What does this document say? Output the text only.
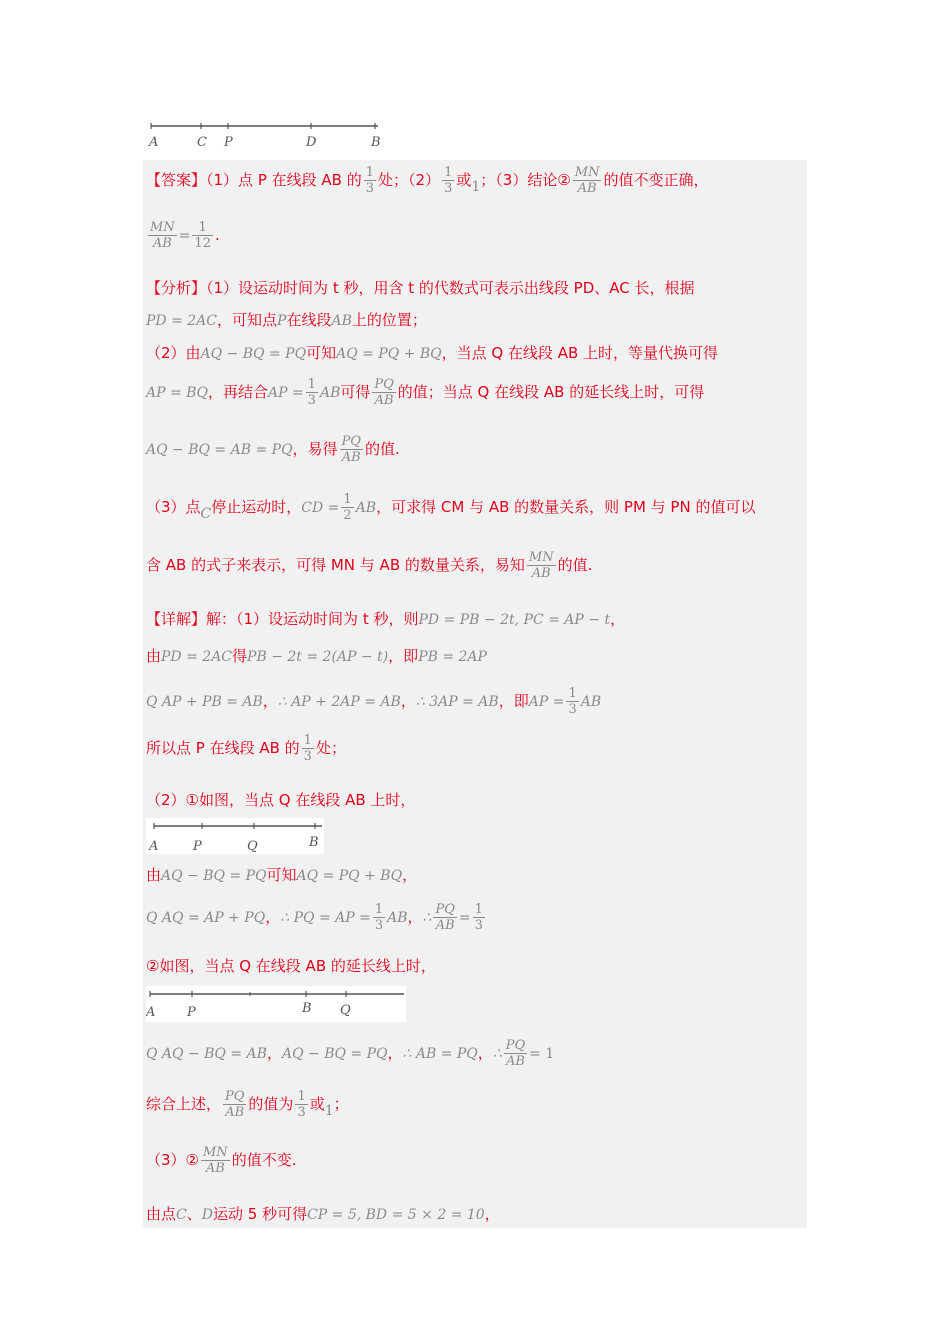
A	C P	D	B
【答案】（1）点 P 在线段 AB 的 $\frac{1}{3}$ 处；$(2) \frac{1}{3}$ 或1；（3）结论② $\frac{MN}{AB}$ 的值不变正确，
$\frac{MN}{AB} = \frac{1}{12}$ .
【分析】（1）设运动时间为 t 秒，用含 t 的代数式可表示出线段 PD、AC 长，根据
PD = 2AC，可知点P在线段AB上的位置；
（2）由AQ − BQ = PQ可知AQ = PQ + BQ，当点 Q 在线段 AB 上时，等量代换可得
AP = BQ，再结合AP = $\frac{1}{3}$ AB可得 $\frac{PQ}{AB}$ 的值；当点 Q 在线段 AB 的延长线上时，可得
AQ − BQ = AB = PQ，易得 $\frac{PQ}{AB}$ 的值.
（3）点C停止运动时，CD = $\frac{1}{2}$ AB，可求得 CM 与 AB 的数量关系，则 PM 与 PN 的值可以
含 AB 的式子来表示，可得 MN 与 AB 的数量关系，易知 $\frac{MN}{AB}$ 的值.
【详解】解：（1）设运动时间为 t 秒，则PD = PB − 2t, PC = AP − t，
由PD = 2AC得PB − 2t = 2(AP − t)，即PB = 2AP
Q AP + PB = AB，∴ AP + 2AP = AB，∴ 3AP = AB，即AP = $\frac{1}{3}$ AB
所以点 P 在线段 AB 的 $\frac{1}{3}$ 处；
（2）①如图，当点 Q 在线段 AB 上时，
A	P	Q	B
由AQ − BQ = PQ可知AQ = PQ + BQ，
Q AQ = AP + PQ，∴ PQ = AP = $\frac{1}{3}$ AB，∴ $\frac{PQ}{AB} = \frac{1}{3}$
②如图，当点 Q 在线段 AB 的延长线上时，
A P	B Q
Q AQ − BQ = AB，AQ − BQ = PQ，∴ AB = PQ，∴ $\frac{PQ}{AB} = 1$
综合上述， $\frac{PQ}{AB}$ 的值为 $\frac{1}{3}$ 或1；
（3）② $\frac{MN}{AB}$ 的值不变.
由点C、D运动 5 秒可得CP = 5, BD = 5 × 2 = 10，
